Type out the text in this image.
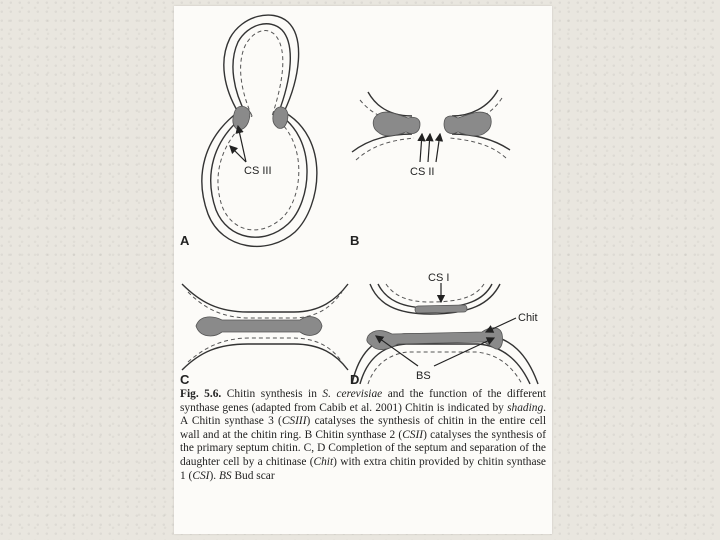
CS III
A
CS II
B
C
CS I
Chit
BS
D

Fig. 5.6. Chitin synthesis in S. cerevisiae and the function of the different synthase genes (adapted from Cabib et al. 2001) Chitin is indicated by shading. A Chitin synthase 3 (CSIII) catalyses the synthesis of chitin in the entire cell wall and at the chitin ring. B Chitin synthase 2 (CSII) catalyses the synthesis of the primary septum chitin. C, D Completion of the septum and separation of the daughter cell by a chitinase (Chit) with extra chitin provided by chitin synthase 1 (CSI). BS Bud scar
